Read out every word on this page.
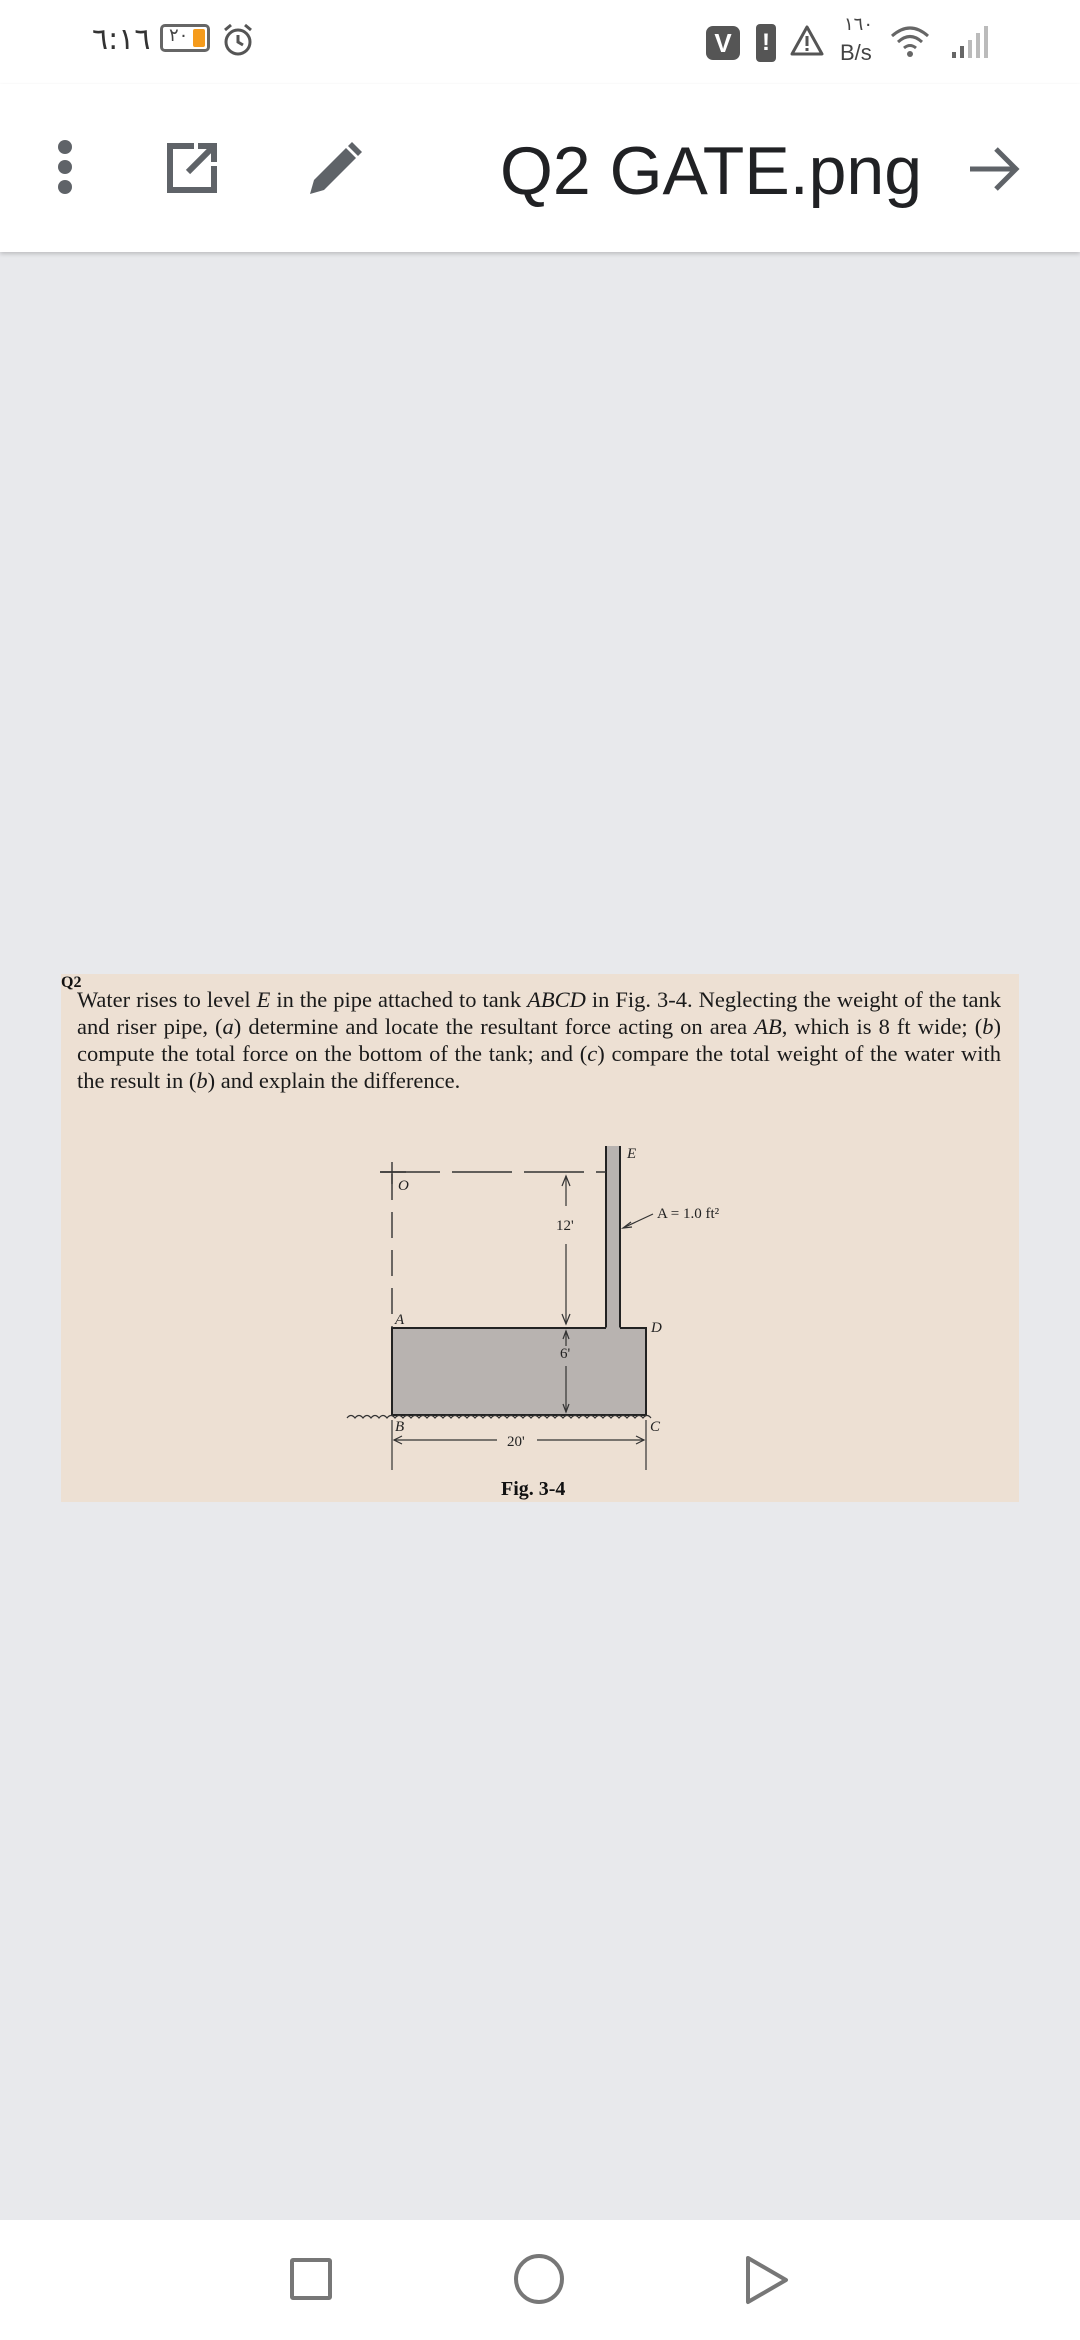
٦:١٦ ٢٠	V	!
١٦٠
B/s
Q2 GATE.png
Q2
Water rises to level E in the pipe attached to tank ABCD in Fig. 3-4. Neglecting the weight of the tank and riser pipe, (a) determine and locate the resultant force acting on area AB, which is 8 ft wide; (b) compute the total force on the bottom of the tank; and (c) compare the total weight of the water with the result in (b) and explain the difference.
O
E
A	D
B	C
12'
6'
20'
A = 1.0 ft²
Fig. 3-4
